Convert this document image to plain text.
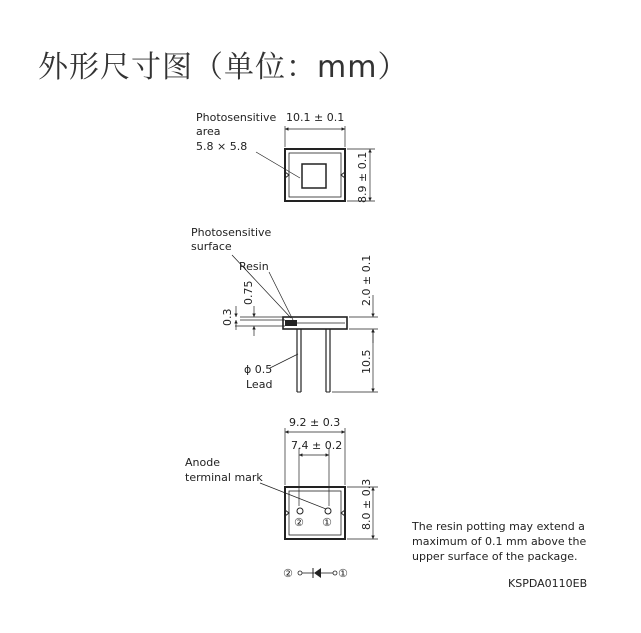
外形尺寸图（单位：mm）
Photosensitive
area
5.8 × 5.8
10.1 ± 0.1
8.9 ± 0.1
Photosensitive
surface
Resin
0.75
0.3
2.0 ± 0.1
10.5
ϕ 0.5
Lead
9.2 ± 0.3
7.4 ± 0.2
Anode
terminal mark
8.0 ± 0.3
② ①
②	①
The resin potting may extend a
maximum of 0.1 mm above the
upper surface of the package.
KSPDA0110EB
